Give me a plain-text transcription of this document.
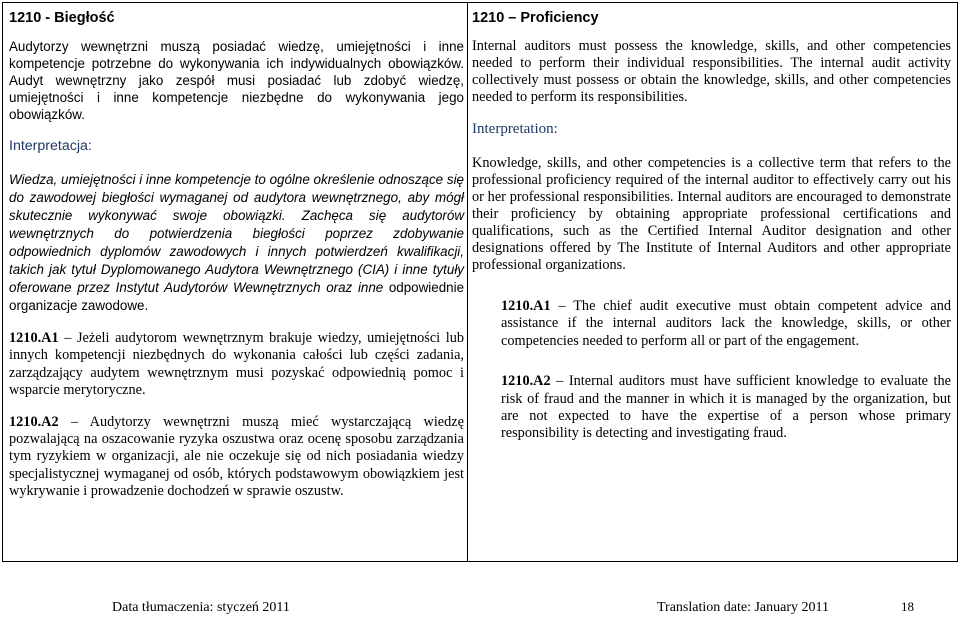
1210 - Biegłość

Audytorzy wewnętrzni muszą posiadać wiedzę, umiejętności i inne kompetencje potrzebne do wykonywania ich indywidualnych obowiązków. Audyt wewnętrzny jako zespół musi posiadać lub zdobyć wiedzę, umiejętności i inne kompetencje niezbędne do wykonywania jego obowiązków.

Interpretacja:

Wiedza, umiejętności i inne kompetencje to ogólne określenie odnoszące się do zawodowej biegłości wymaganej od audytora wewnętrznego, aby mógł skutecznie wykonywać swoje obowiązki. Zachęca się audytorów wewnętrznych do potwierdzenia biegłości poprzez zdobywanie odpowiednich dyplomów zawodowych i innych potwierdzeń kwalifikacji, takich jak tytuł Dyplomowanego Audytora Wewnętrznego (CIA) i inne tytuły oferowane przez Instytut Audytorów Wewnętrznych oraz inne odpowiednie organizacje zawodowe.

1210.A1 – Jeżeli audytorom wewnętrznym brakuje wiedzy, umiejętności lub innych kompetencji niezbędnych do wykonania całości lub części zadania, zarządzający audytem wewnętrznym musi pozyskać odpowiednią pomoc i wsparcie merytoryczne.

1210.A2 – Audytorzy wewnętrzni muszą mieć wystarczającą wiedzę pozwalającą na oszacowanie ryzyka oszustwa oraz ocenę sposobu zarządzania tym ryzykiem w organizacji, ale nie oczekuje się od nich posiadania wiedzy specjalistycznej wymaganej od osób, których podstawowym obowiązkiem jest wykrywanie i prowadzenie dochodzeń w sprawie oszustw.

1210 – Proficiency

Internal auditors must possess the knowledge, skills, and other competencies needed to perform their individual responsibilities. The internal audit activity collectively must possess or obtain the knowledge, skills, and other competencies needed to perform its responsibilities.

Interpretation:

Knowledge, skills, and other competencies is a collective term that refers to the professional proficiency required of the internal auditor to effectively carry out his or her professional responsibilities. Internal auditors are encouraged to demonstrate their proficiency by obtaining appropriate professional certifications and qualifications, such as the Certified Internal Auditor designation and other designations offered by The Institute of Internal Auditors and other appropriate professional organizations.

1210.A1 – The chief audit executive must obtain competent advice and assistance if the internal auditors lack the knowledge, skills, or other competencies needed to perform all or part of the engagement.

1210.A2 – Internal auditors must have sufficient knowledge to evaluate the risk of fraud and the manner in which it is managed by the organization, but are not expected to have the expertise of a person whose primary responsibility is detecting and investigating fraud.

Data tłumaczenia: styczeń 2011	Translation date: January 2011	18
